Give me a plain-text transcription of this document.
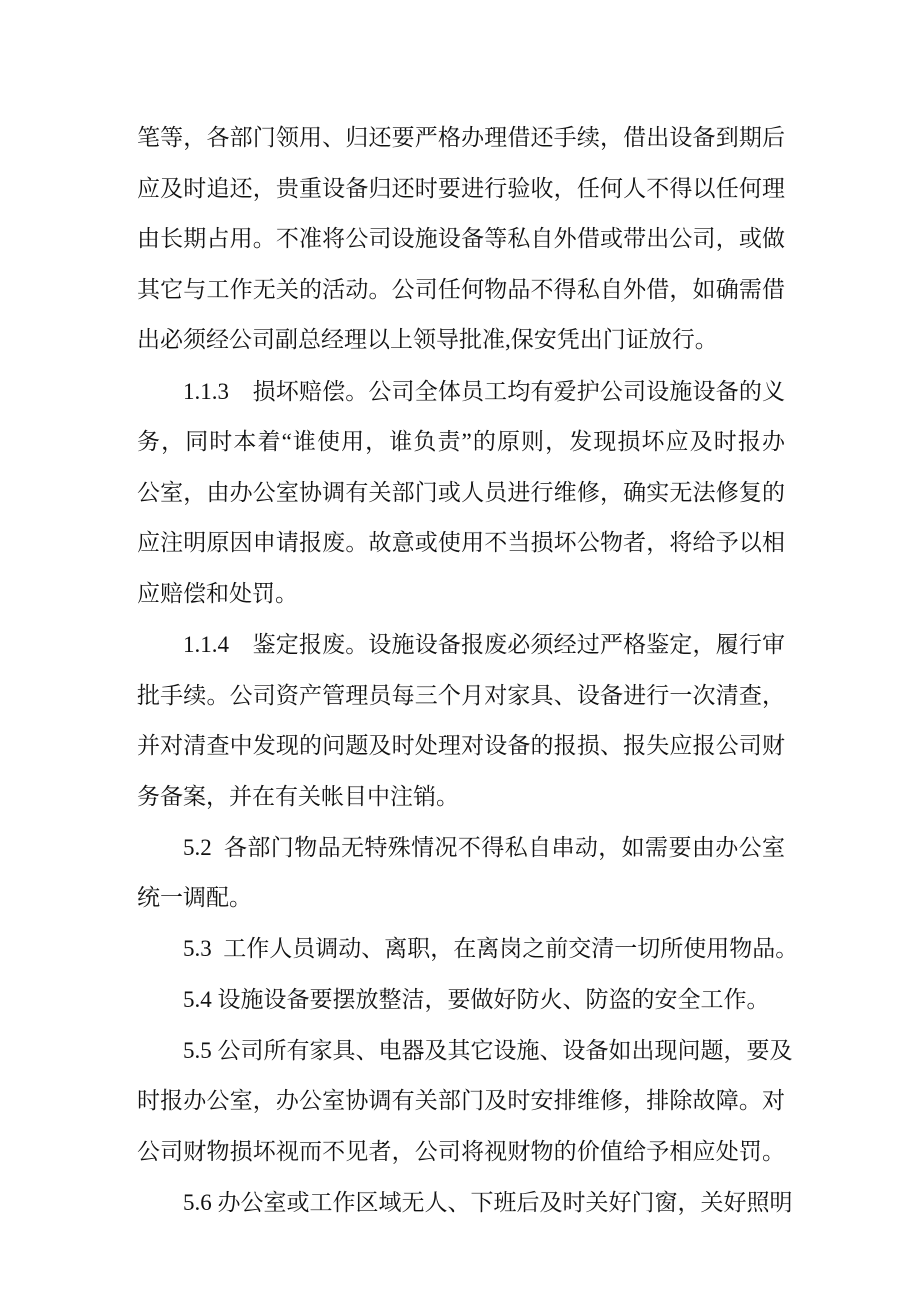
笔等，各部门领用、归还要严格办理借还手续，借出设备到期后
应及时追还，贵重设备归还时要进行验收，任何人不得以任何理
由长期占用。不准将公司设施设备等私自外借或带出公司，或做
其它与工作无关的活动。公司任何物品不得私自外借，如确需借
出必须经公司副总经理以上领导批准,保安凭出门证放行。
1.1.3    损坏赔偿。公司全体员工均有爱护公司设施设备的义
务，同时本着“谁使用，谁负责”的原则，发现损坏应及时报办
公室，由办公室协调有关部门或人员进行维修，确实无法修复的
应注明原因申请报废。故意或使用不当损坏公物者，将给予以相
应赔偿和处罚。
1.1.4    鉴定报废。设施设备报废必须经过严格鉴定，履行审
批手续。公司资产管理员每三个月对家具、设备进行一次清查，
并对清查中发现的问题及时处理对设备的报损、报失应报公司财
务备案，并在有关帐目中注销。
5.2  各部门物品无特殊情况不得私自串动，如需要由办公室
统一调配。
5.3  工作人员调动、离职，在离岗之前交清一切所使用物品。
5.4 设施设备要摆放整洁，要做好防火、防盗的安全工作。
5.5 公司所有家具、电器及其它设施、设备如出现问题，要及
时报办公室，办公室协调有关部门及时安排维修，排除故障。对
公司财物损坏视而不见者，公司将视财物的价值给予相应处罚。
5.6 办公室或工作区域无人、下班后及时关好门窗，关好照明
